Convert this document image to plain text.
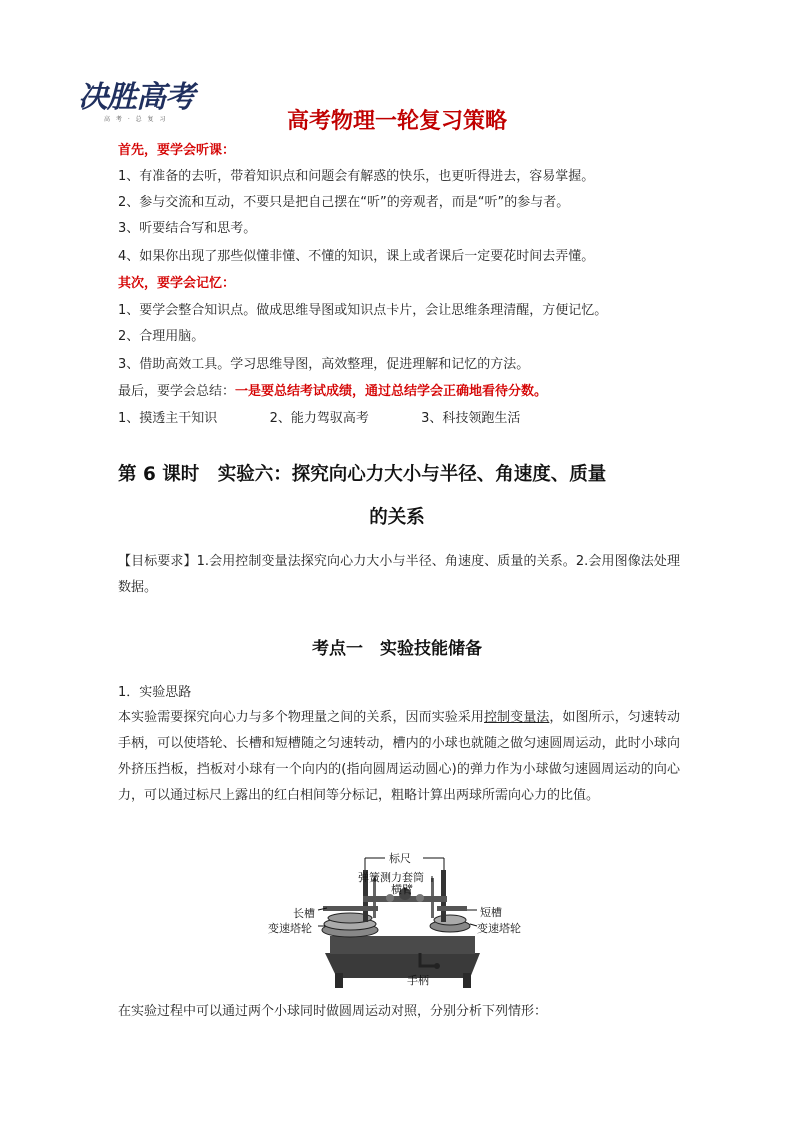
决胜高考
高 考 · 总 复 习	高考物理一轮复习策略
首先，要学会听课：
1、有准备的去听，带着知识点和问题会有解惑的快乐，也更听得进去，容易掌握。
2、参与交流和互动，不要只是把自己摆在“听”的旁观者，而是“听”的参与者。
3、听要结合写和思考。
4、如果你出现了那些似懂非懂、不懂的知识，课上或者课后一定要花时间去弄懂。
其次，要学会记忆：
1、要学会整合知识点。做成思维导图或知识点卡片，会让思维条理清醒，方便记忆。
2、合理用脑。
3、借助高效工具。学习思维导图，高效整理，促进理解和记忆的方法。
最后，要学会总结：一是要总结考试成绩，通过总结学会正确地看待分数。
1、摸透主干知识	2、能力驾驭高考	3、科技领跑生活
第 6 课时　实验六：探究向心力大小与半径、角速度、质量
的关系
【目标要求】1.会用控制变量法探究向心力大小与半径、角速度、质量的关系。2.会用图像法处理数据。
考点一　实验技能储备
1．实验思路
本实验需要探究向心力与多个物理量之间的关系，因而实验采用控制变量法，如图所示，匀速转动手柄，可以使塔轮、长槽和短槽随之匀速转动，槽内的小球也就随之做匀速圆周运动，此时小球向外挤压挡板，挡板对小球有一个向内的(指向圆周运动圆心)的弹力作为小球做匀速圆周运动的向心力，可以通过标尺上露出的红白相间等分标记，粗略计算出两球所需向心力的比值。
标尺
弹簧测力套筒
横臂
长槽
变速塔轮
短槽
变速塔轮
手柄
在实验过程中可以通过两个小球同时做圆周运动对照，分别分析下列情形：
